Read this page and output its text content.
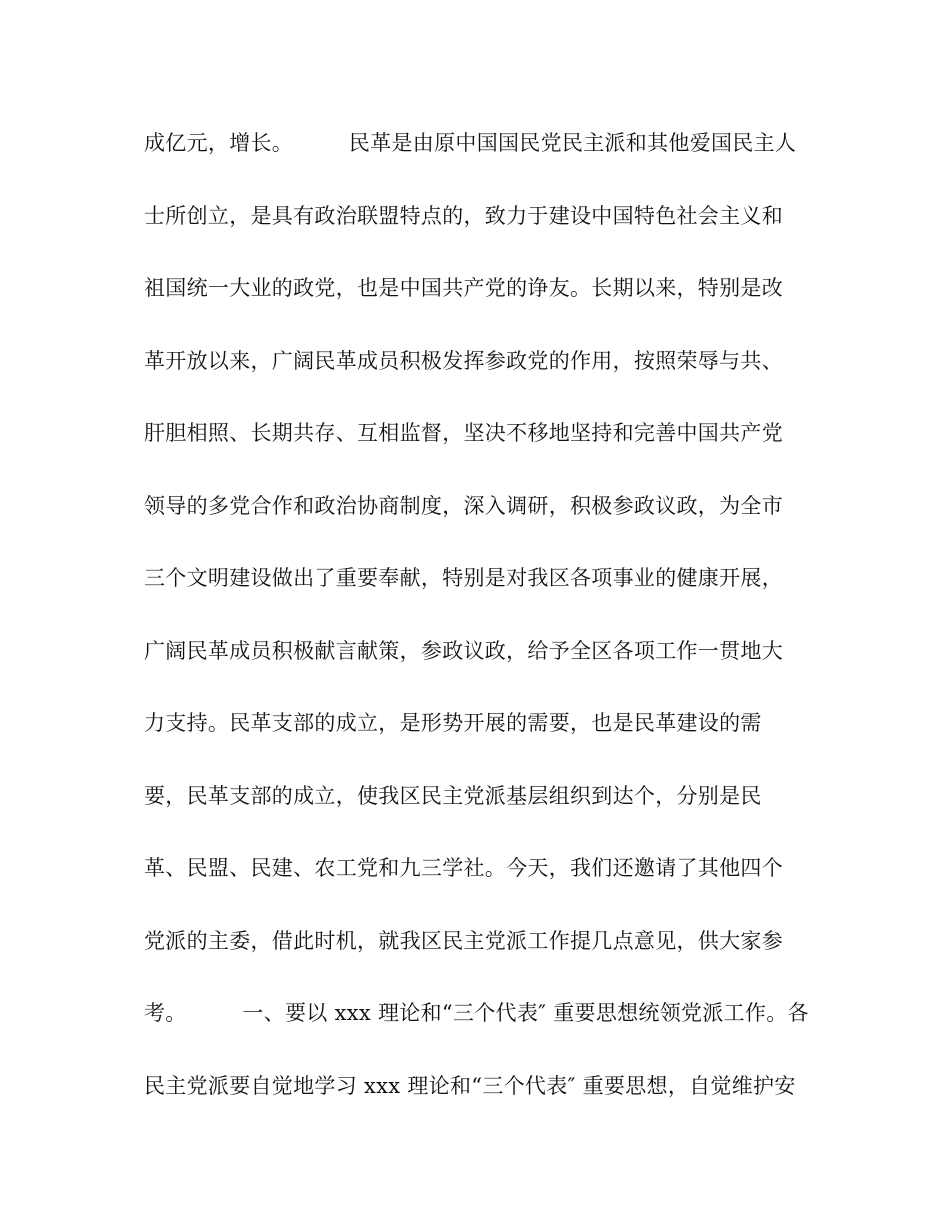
成亿元，增长。        民革是由原中国国民党民主派和其他爱国民主人
士所创立，是具有政治联盟特点的，致力于建设中国特色社会主义和
祖国统一大业的政党，也是中国共产党的诤友。长期以来，特别是改
革开放以来，广阔民革成员积极发挥参政党的作用，按照荣辱与共、
肝胆相照、长期共存、互相监督，坚决不移地坚持和完善中国共产党
领导的多党合作和政治协商制度，深入调研，积极参政议政，为全市
三个文明建设做出了重要奉献，特别是对我区各项事业的健康开展，
广阔民革成员积极献言献策，参政议政，给予全区各项工作一贯地大
力支持。民革支部的成立，是形势开展的需要，也是民革建设的需
要，民革支部的成立，使我区民主党派基层组织到达个，分别是民
革、民盟、民建、农工党和九三学社。今天，我们还邀请了其他四个
党派的主委，借此时机，就我区民主党派工作提几点意见，供大家参
考。        一、要以 xxx 理论和“三个代表″ 重要思想统领党派工作。各
民主党派要自觉地学习 xxx 理论和“三个代表″ 重要思想，自觉维护安
